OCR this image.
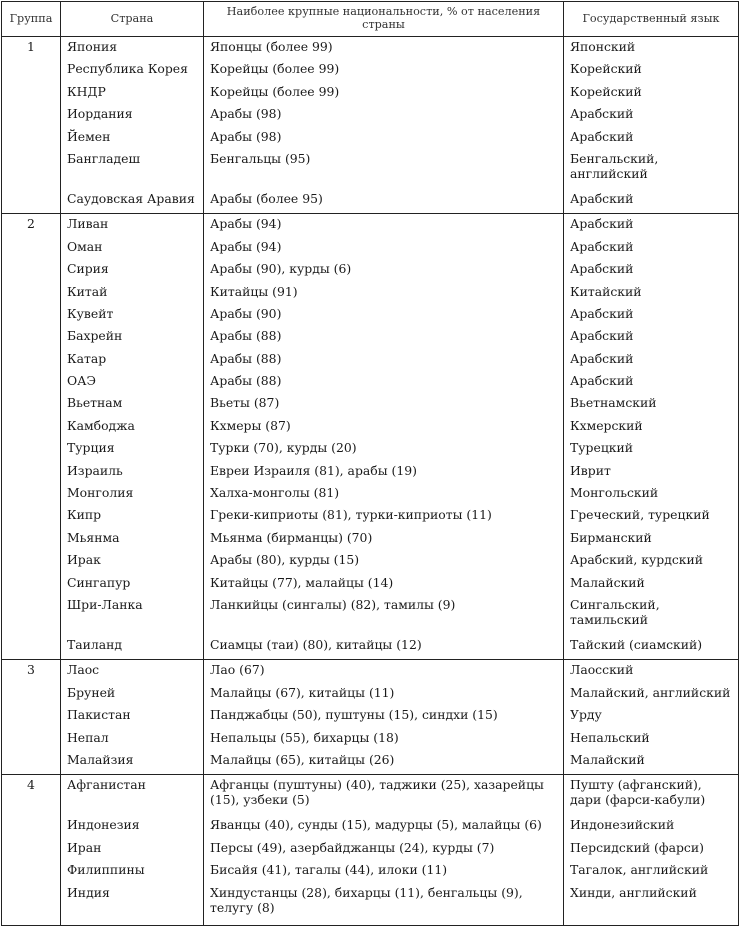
Группа	Страна	Наиболее крупные национальности, % от населения страны	Государственный язык
1	Япония	Японцы (более 99)	Японский
	Республика Корея	Корейцы (более 99)	Корейский
	КНДР	Корейцы (более 99)	Корейский
	Иордания	Арабы (98)	Арабский
	Йемен	Арабы (98)	Арабский
	Бангладеш	Бенгальцы (95)	Бенгальский, английский
	Саудовская Аравия	Арабы (более 95)	Арабский
2	Ливан	Арабы (94)	Арабский
	Оман	Арабы (94)	Арабский
	Сирия	Арабы (90), курды (6)	Арабский
	Китай	Китайцы (91)	Китайский
	Кувейт	Арабы (90)	Арабский
	Бахрейн	Арабы (88)	Арабский
	Катар	Арабы (88)	Арабский
	ОАЭ	Арабы (88)	Арабский
	Вьетнам	Вьеты (87)	Вьетнамский
	Камбоджа	Кхмеры (87)	Кхмерский
	Турция	Турки (70), курды (20)	Турецкий
	Израиль	Евреи Израиля (81), арабы (19)	Иврит
	Монголия	Халха-монголы (81)	Монгольский
	Кипр	Греки-киприоты (81), турки-киприоты (11)	Греческий, турецкий
	Мьянма	Мьянма (бирманцы) (70)	Бирманский
	Ирак	Арабы (80), курды (15)	Арабский, курдский
	Сингапур	Китайцы (77), малайцы (14)	Малайский
	Шри-Ланка	Ланкийцы (сингалы) (82), тамилы (9)	Сингальский, тамильский
	Таиланд	Сиамцы (таи) (80), китайцы (12)	Тайский (сиамский)
3	Лаос	Лао (67)	Лаосский
	Бруней	Малайцы (67), китайцы (11)	Малайский, английский
	Пакистан	Панджабцы (50), пуштуны (15), синдхи (15)	Урду
	Непал	Непальцы (55), бихарцы (18)	Непальский
	Малайзия	Малайцы (65), китайцы (26)	Малайский
4	Афганистан	Афганцы (пуштуны) (40), таджики (25), хазарейцы (15), узбеки (5)	Пушту (афганский), дари (фарси-кабули)
	Индонезия	Яванцы (40), сунды (15), мадурцы (5), малайцы (6)	Индонезийский
	Иран	Персы (49), азербайджанцы (24), курды (7)	Персидский (фарси)
	Филиппины	Бисайя (41), тагалы (44), илоки (11)	Тагалок, английский
	Индия	Хиндустанцы (28), бихарцы (11), бенгальцы (9), телугу (8)	Хинди, английский
